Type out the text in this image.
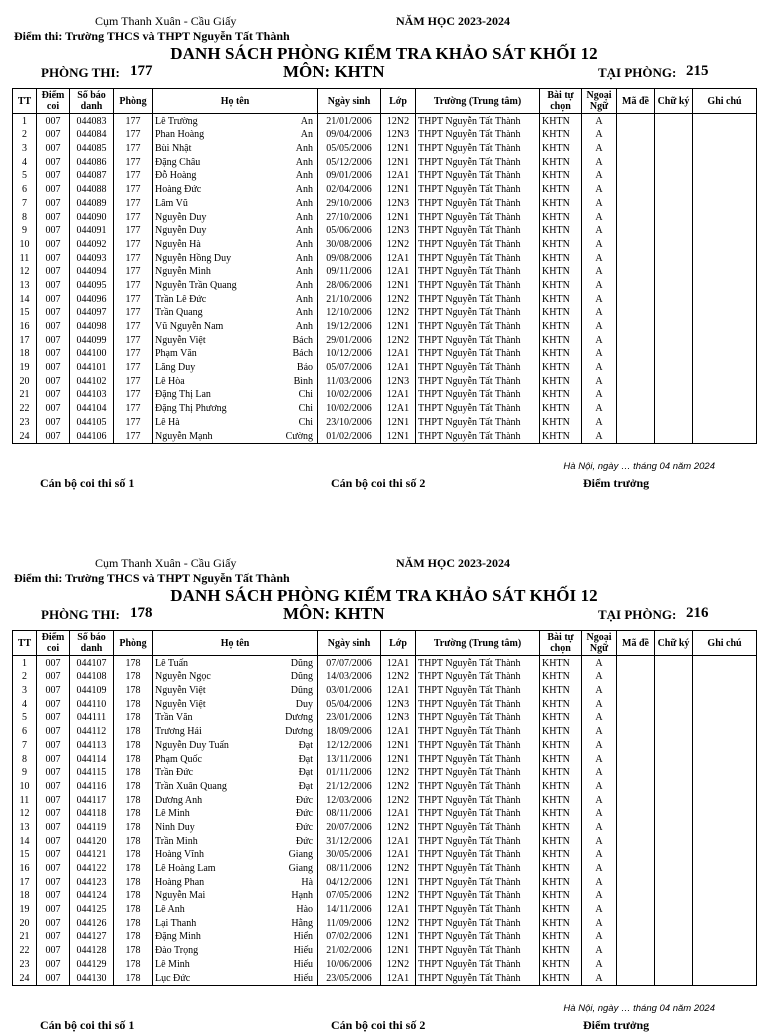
Cụm Thanh Xuân - Cầu Giấy	NĂM HỌC 2023-2024
Điểm thi: Trường THCS và THPT Nguyễn Tất Thành
DANH SÁCH PHÒNG KIỂM TRA KHẢO SÁT KHỐI 12
PHÒNG THI: 177	MÔN: KHTN	TẠI PHÒNG: 215
TT	Điểm coi	Số báo danh	Phòng	Họ tên		Ngày sinh	Lớp	Trường (Trung tâm)	Bài tự chọn	Ngoại Ngữ	Mã đề	Chữ ký	Ghi chú
1	007	044083	177	Lê Trường	An	21/01/2006	12N2	THPT Nguyễn Tất Thành	KHTN	A			
2	007	044084	177	Phan Hoàng	An	09/04/2006	12N3	THPT Nguyễn Tất Thành	KHTN	A			
3	007	044085	177	Bùi Nhật	Anh	05/05/2006	12N1	THPT Nguyễn Tất Thành	KHTN	A			
4	007	044086	177	Đặng Châu	Anh	05/12/2006	12N1	THPT Nguyễn Tất Thành	KHTN	A			
5	007	044087	177	Đỗ Hoàng	Anh	09/01/2006	12A1	THPT Nguyễn Tất Thành	KHTN	A			
6	007	044088	177	Hoàng Đức	Anh	02/04/2006	12N1	THPT Nguyễn Tất Thành	KHTN	A			
7	007	044089	177	Lâm Vũ	Anh	29/10/2006	12N3	THPT Nguyễn Tất Thành	KHTN	A			
8	007	044090	177	Nguyễn Duy	Anh	27/10/2006	12N1	THPT Nguyễn Tất Thành	KHTN	A			
9	007	044091	177	Nguyễn Duy	Anh	05/06/2006	12N3	THPT Nguyễn Tất Thành	KHTN	A			
10	007	044092	177	Nguyễn Hà	Anh	30/08/2006	12N2	THPT Nguyễn Tất Thành	KHTN	A			
11	007	044093	177	Nguyễn Hồng Duy	Anh	09/08/2006	12A1	THPT Nguyễn Tất Thành	KHTN	A			
12	007	044094	177	Nguyễn Minh	Anh	09/11/2006	12A1	THPT Nguyễn Tất Thành	KHTN	A			
13	007	044095	177	Nguyễn Trần Quang	Anh	28/06/2006	12N1	THPT Nguyễn Tất Thành	KHTN	A			
14	007	044096	177	Trần Lê Đức	Anh	21/10/2006	12N2	THPT Nguyễn Tất Thành	KHTN	A			
15	007	044097	177	Trần Quang	Anh	12/10/2006	12N2	THPT Nguyễn Tất Thành	KHTN	A			
16	007	044098	177	Vũ Nguyễn Nam	Anh	19/12/2006	12N1	THPT Nguyễn Tất Thành	KHTN	A			
17	007	044099	177	Nguyễn Việt	Bách	29/01/2006	12N2	THPT Nguyễn Tất Thành	KHTN	A			
18	007	044100	177	Phạm Văn	Bách	10/12/2006	12A1	THPT Nguyễn Tất Thành	KHTN	A			
19	007	044101	177	Lăng Duy	Bảo	05/07/2006	12A1	THPT Nguyễn Tất Thành	KHTN	A			
20	007	044102	177	Lê Hòa	Bình	11/03/2006	12N3	THPT Nguyễn Tất Thành	KHTN	A			
21	007	044103	177	Đặng Thị Lan	Chi	10/02/2006	12A1	THPT Nguyễn Tất Thành	KHTN	A			
22	007	044104	177	Đặng Thị Phương	Chi	10/02/2006	12A1	THPT Nguyễn Tất Thành	KHTN	A			
23	007	044105	177	Lê Hà	Chi	23/10/2006	12N1	THPT Nguyễn Tất Thành	KHTN	A			
24	007	044106	177	Nguyễn Mạnh	Cường	01/02/2006	12N1	THPT Nguyễn Tất Thành	KHTN	A			
Hà Nội, ngày … tháng 04 năm 2024
Cán bộ coi thi số 1	Cán bộ coi thi số 2	Điểm trưởng
Cụm Thanh Xuân - Cầu Giấy	NĂM HỌC 2023-2024
Điểm thi: Trường THCS và THPT Nguyễn Tất Thành
DANH SÁCH PHÒNG KIỂM TRA KHẢO SÁT KHỐI 12
PHÒNG THI: 178	MÔN: KHTN	TẠI PHÒNG: 216
TT	Điểm coi	Số báo danh	Phòng	Họ tên		Ngày sinh	Lớp	Trường (Trung tâm)	Bài tự chọn	Ngoại Ngữ	Mã đề	Chữ ký	Ghi chú
1	007	044107	178	Lê Tuấn	Dũng	07/07/2006	12A1	THPT Nguyễn Tất Thành	KHTN	A			
2	007	044108	178	Nguyễn Ngọc	Dũng	14/03/2006	12N2	THPT Nguyễn Tất Thành	KHTN	A			
3	007	044109	178	Nguyễn Việt	Dũng	03/01/2006	12A1	THPT Nguyễn Tất Thành	KHTN	A			
4	007	044110	178	Nguyễn Việt	Duy	05/04/2006	12N3	THPT Nguyễn Tất Thành	KHTN	A			
5	007	044111	178	Trần Văn	Dương	23/01/2006	12N3	THPT Nguyễn Tất Thành	KHTN	A			
6	007	044112	178	Trương Hải	Dương	18/09/2006	12A1	THPT Nguyễn Tất Thành	KHTN	A			
7	007	044113	178	Nguyễn Duy Tuấn	Đạt	12/12/2006	12N1	THPT Nguyễn Tất Thành	KHTN	A			
8	007	044114	178	Phạm Quốc	Đạt	13/11/2006	12N1	THPT Nguyễn Tất Thành	KHTN	A			
9	007	044115	178	Trần Đức	Đạt	01/11/2006	12N2	THPT Nguyễn Tất Thành	KHTN	A			
10	007	044116	178	Trần Xuân Quang	Đạt	21/12/2006	12N2	THPT Nguyễn Tất Thành	KHTN	A			
11	007	044117	178	Dương Anh	Đức	12/03/2006	12N2	THPT Nguyễn Tất Thành	KHTN	A			
12	007	044118	178	Lê Minh	Đức	08/11/2006	12A1	THPT Nguyễn Tất Thành	KHTN	A			
13	007	044119	178	Ninh Duy	Đức	20/07/2006	12N2	THPT Nguyễn Tất Thành	KHTN	A			
14	007	044120	178	Trần Minh	Đức	31/12/2006	12A1	THPT Nguyễn Tất Thành	KHTN	A			
15	007	044121	178	Hoàng Vĩnh	Giang	30/05/2006	12A1	THPT Nguyễn Tất Thành	KHTN	A			
16	007	044122	178	Lê Hoàng Lam	Giang	08/11/2006	12N2	THPT Nguyễn Tất Thành	KHTN	A			
17	007	044123	178	Hoàng Phan	Hà	04/12/2006	12N1	THPT Nguyễn Tất Thành	KHTN	A			
18	007	044124	178	Nguyễn Mai	Hạnh	07/05/2006	12N2	THPT Nguyễn Tất Thành	KHTN	A			
19	007	044125	178	Lê Anh	Hào	14/11/2006	12A1	THPT Nguyễn Tất Thành	KHTN	A			
20	007	044126	178	Lại Thanh	Hằng	11/09/2006	12N2	THPT Nguyễn Tất Thành	KHTN	A			
21	007	044127	178	Đặng Minh	Hiển	07/02/2006	12N1	THPT Nguyễn Tất Thành	KHTN	A			
22	007	044128	178	Đào Trọng	Hiếu	21/02/2006	12N1	THPT Nguyễn Tất Thành	KHTN	A			
23	007	044129	178	Lê Minh	Hiếu	10/06/2006	12N2	THPT Nguyễn Tất Thành	KHTN	A			
24	007	044130	178	Lục Đức	Hiếu	23/05/2006	12A1	THPT Nguyễn Tất Thành	KHTN	A			
Hà Nội, ngày … tháng 04 năm 2024
Cán bộ coi thi số 1	Cán bộ coi thi số 2	Điểm trưởng
